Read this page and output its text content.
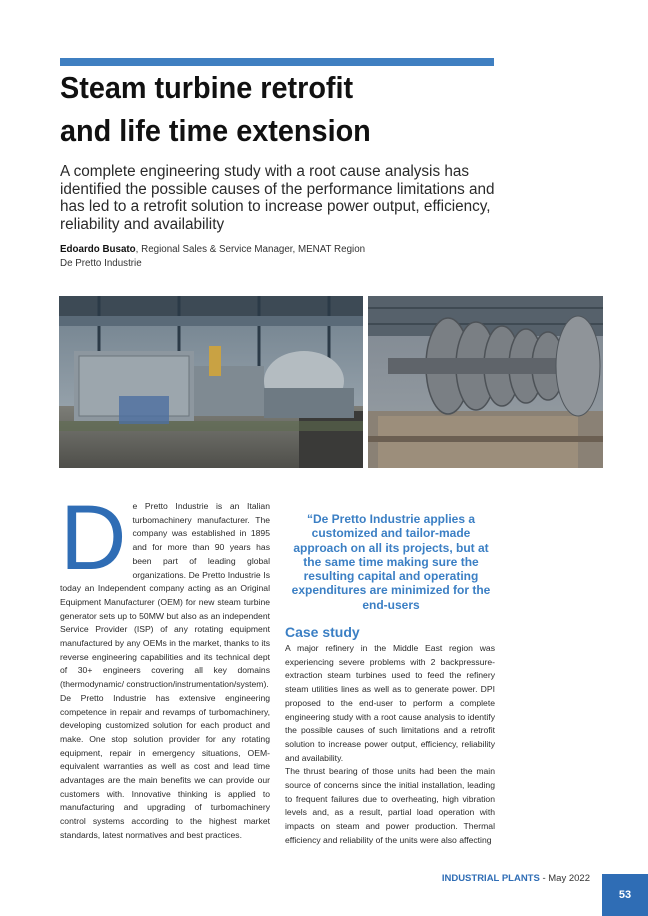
Steam turbine retrofit
and life time extension

A complete engineering study with a root cause analysis has identified the possible causes of the performance limitations and has led to a retrofit solution to increase power output, efficiency, reliability and availability

Edoardo Busato, Regional Sales & Service Manager, MENAT Region
De Pretto Industrie
D e Pretto Industrie is an Italian turbomachinery manufacturer. The company was established in 1895 and for more than 90 years has been part of leading global organizations. De Pretto Industrie Is today an Independent company acting as an Original Equipment Manufacturer (OEM) for new steam turbine generator sets up to 50MW but also as an independent Service Provider (ISP) of any rotating equipment manufactured by any OEMs in the market, thanks to its reverse engineering capabilities and its technical dept of 30+ engineers covering all key domains (thermodynamic/ construction/instrumentation/system).

De Pretto Industrie has extensive engineering competence in repair and revamps of turbomachinery, developing customized solution for each product and make. One stop solution provider for any rotating equipment, repair in emergency situations, OEM-equivalent warranties as well as cost and lead time advantages are the main benefits we can provide our customers with. Innovative thinking is applied to manufacturing and upgrading of turbomachinery control systems according to the highest market standards, latest normatives and best practices.

“De Pretto Industrie applies a customized and tailor-made approach on all its projects, but at the same time making sure the resulting capital and operating expenditures are minimized for the end-users
Case study

A major refinery in the Middle East region was experiencing severe problems with 2 backpressure-extraction steam turbines used to feed the refinery steam utilities lines as well as to generate power. DPI proposed to the end-user to perform a complete engineering study with a root cause analysis to identify the possible causes of such limitations and a retrofit solution to increase power output, efficiency, reliability and availability.

The thrust bearing of those units had been the main source of concerns since the initial installation, leading to frequent failures due to overheating, high vibration levels and, as a result, partial load operation with impacts on steam and power production. Thermal efficiency and reliability of the units were also affecting

INDUSTRIAL PLANTS - May 2022
53
